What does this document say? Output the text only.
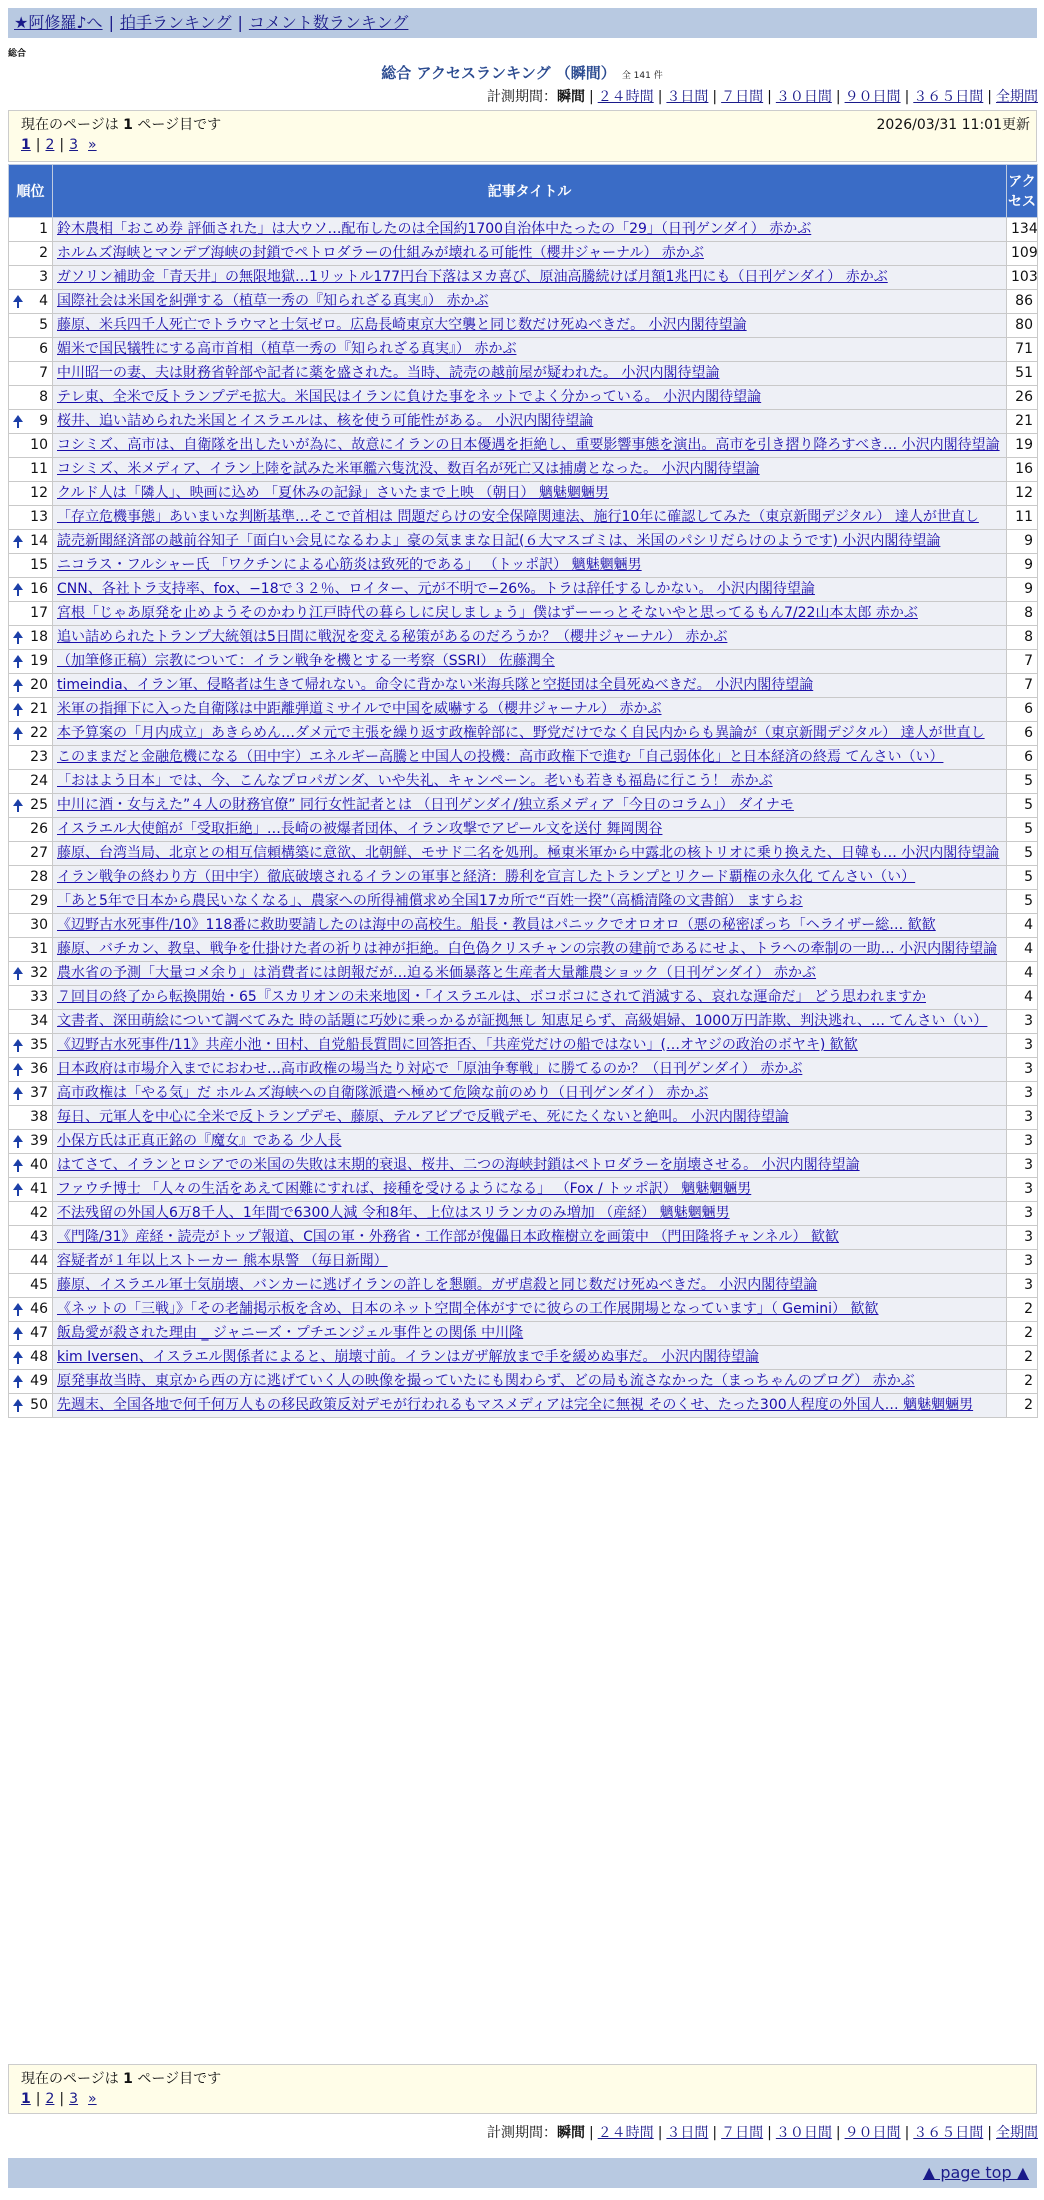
★阿修羅♪へ | 拍手ランキング | コメント数ランキング
総合
総合 アクセスランキング （瞬間） 全 141 件
計測期間：瞬間 | ２４時間 | ３日間 | ７日間 | ３０日間 | ９０日間 | ３６５日間 | 全期間
現在のページは 1 ページ目です	2026/03/31 11:01更新
1 | 2 | 3 »
順位	記事タイトル	アクセス
1	鈴木農相「おこめ券 評価された」は大ウソ…配布したのは全国約1700自治体中たったの「29」（日刊ゲンダイ） 赤かぶ	134
2	ホルムズ海峡とマンデブ海峡の封鎖でペトロダラーの仕組みが壊れる可能性（櫻井ジャーナル） 赤かぶ	109
3	ガソリン補助金「青天井」の無限地獄…1リットル177円台下落はヌカ喜び、原油高騰続けば月額1兆円にも（日刊ゲンダイ） 赤かぶ	103

4	国際社会は米国を糾弾する（植草一秀の『知られざる真実』） 赤かぶ	86
5	藤原、米兵四千人死亡でトラウマと士気ゼロ。広島長崎東京大空襲と同じ数だけ死ぬべきだ。 小沢内閣待望論	80
6	媚米で国民犠牲にする高市首相（植草一秀の『知られざる真実』） 赤かぶ	71
7	中川昭一の妻、夫は財務省幹部や記者に薬を盛された。当時、読売の越前屋が疑われた。 小沢内閣待望論	51
8	テレ東、全米で反トランプデモ拡大。米国民はイランに負けた事をネットでよく分かっている。 小沢内閣待望論	26

9	桜井、追い詰められた米国とイスラエルは、核を使う可能性がある。 小沢内閣待望論	21
10	コシミズ、高市は、自衛隊を出したいが為に、故意にイランの日本優遇を拒絶し、重要影響事態を演出。高市を引き摺り降ろすべき… 小沢内閣待望論	19
11	コシミズ、米メディア、イラン上陸を試みた米軍艦六隻沈没、数百名が死亡又は捕虜となった。 小沢内閣待望論	16
12	クルド人は「隣人」、映画に込め 「夏休みの記録」さいたまで上映 （朝日） 魑魅魍魎男	12
13	「存立危機事態」あいまいな判断基準…そこで首相は 問題だらけの安全保障関連法、施行10年に確認してみた（東京新聞デジタル） 達人が世直し	11

14	読売新聞経済部の越前谷知子「面白い会見になるわよ」豪の気ままな日記(６大マスゴミは、米国のパシリだらけのようです) 小沢内閣待望論	9
15	ニコラス・フルシャー氏 「ワクチンによる心筋炎は致死的である」 （トッポ訳） 魑魅魍魎男	9

16	CNN、各社トラ支持率、fox、−18で３２％、ロイター、元が不明で−26%。トラは辞任するしかない。 小沢内閣待望論	9
17	宮根「じゃあ原発を止めようそのかわり江戸時代の暮らしに戻しましょう」僕はずーーっとそないやと思ってるもん7/22山本太郎 赤かぶ	8

18	追い詰められたトランプ大統領は5日間に戦況を変える秘策があるのだろうか？（櫻井ジャーナル） 赤かぶ	8

19	（加筆修正稿）宗教について：イラン戦争を機とする一考察（SSRI） 佐藤潤全	7

20	timeindia、イラン軍、侵略者は生きて帰れない。命令に背かない米海兵隊と空挺団は全員死ぬべきだ。 小沢内閣待望論	7

21	米軍の指揮下に入った自衛隊は中距離弾道ミサイルで中国を威嚇する（櫻井ジャーナル） 赤かぶ	6

22	本予算案の「月内成立」あきらめん…ダメ元で主張を繰り返す政権幹部に、野党だけでなく自民内からも異論が（東京新聞デジタル） 達人が世直し	6
23	このままだと金融危機になる（田中宇）エネルギー高騰と中国人の投機：高市政権下で進む「自己弱体化」と日本経済の終焉 てんさい（い）	6
24	「おはよう日本」では、今、こんなプロパガンダ、いや失礼、キャンペーン。老いも若きも福島に行こう！ 赤かぶ	5

25	中川に酒・女与えた”４人の財務官僚” 同行女性記者とは （日刊ゲンダイ/独立系メディア「今日のコラム」） ダイナモ	5
26	イスラエル大使館が「受取拒絶」…長崎の被爆者団体、イラン攻撃でアピール文を送付 舞岡関谷	5
27	藤原、台湾当局、北京との相互信頼構築に意欲、北朝鮮、モサド二名を処刑。極東米軍から中露北の核トリオに乗り換えた、日韓も… 小沢内閣待望論	5
28	イラン戦争の終わり方（田中宇）徹底破壊されるイランの軍事と経済：勝利を宣言したトランプとリクード覇権の永久化 てんさい（い）	5
29	「あと5年で日本から農民いなくなる」、農家への所得補償求め全国17カ所で“百姓一揆”（高橋清隆の文書館） ますらお	5
30	《辺野古水死事件/10》118番に救助要請したのは海中の高校生。船長・教員はパニックでオロオロ（悪の秘密ぽっち「ヘライザー総… 歓歓	4
31	藤原、バチカン、教皇、戦争を仕掛けた者の祈りは神が拒絶。白色偽クリスチャンの宗教の建前であるにせよ、トラへの牽制の一助… 小沢内閣待望論	4

32	農水省の予測「大量コメ余り」は消費者には朗報だが…迫る米価暴落と生産者大量離農ショック（日刊ゲンダイ） 赤かぶ	4
33	７回目の終了から転換開始・65『スカリオンの未来地図・「イスラエルは、ボコボコにされて消滅する、哀れな運命だ」 どう思われますか	4
34	文書者、深田萌絵について調べてみた 時の話題に巧妙に乗っかるが証拠無し 知恵足らず、高級娼婦、1000万円詐欺、判決逃れ、… てんさい（い）	3

35	《辺野古水死事件/11》共産小池・田村、自党船長質問に回答拒否、「共産党だけの船ではない」(…オヤジの政治のボヤキ) 歓歓	3

36	日本政府は市場介入までにおわせ…高市政権の場当たり対応で「原油争奪戦」に勝てるのか？（日刊ゲンダイ） 赤かぶ	3

37	高市政権は「やる気」だ ホルムズ海峡への自衛隊派遣へ極めて危険な前のめり（日刊ゲンダイ） 赤かぶ	3
38	毎日、元軍人を中心に全米で反トランプデモ、藤原、テルアビブで反戦デモ、死にたくないと絶叫。 小沢内閣待望論	3

39	小保方氏は正真正銘の『魔女』である 少人長	3

40	はてさて、イランとロシアでの米国の失敗は末期的衰退、桜井、二つの海峡封鎖はペトロダラーを崩壊させる。 小沢内閣待望論	3

41	ファウチ博士 「人々の生活をあえて困難にすれば、接種を受けるようになる」 （Fox / トッポ訳） 魑魅魍魎男	3
42	不法残留の外国人6万8千人、1年間で6300人減 令和8年、上位はスリランカのみ増加 （産経） 魑魅魍魎男	3
43	《門隆/31》産経・読売がトップ報道、C国の軍・外務省・工作部が傀儡日本政権樹立を画策中 （門田隆将チャンネル） 歓歓	3
44	容疑者が１年以上ストーカー 熊本県警 （毎日新聞）	3
45	藤原、イスラエル軍士気崩壊、バンカーに逃げイランの許しを懇願。ガザ虐殺と同じ数だけ死ぬべきだ。 小沢内閣待望論	3

46	《ネットの「三戦」》「その老舗掲示板を含め、日本のネット空間全体がすでに彼らの工作展開場となっています」（ Gemini） 歓歓	2

47	飯島愛が殺された理由 _ ジャニーズ・プチエンジェル事件との関係 中川隆	2

48	kim Iversen、イスラエル関係者によると、崩壊寸前。イランはガザ解放まで手を緩めぬ事だ。 小沢内閣待望論	2

49	原発事故当時、東京から西の方に逃げていく人の映像を撮っていたにも関わらず、どの局も流さなかった（まっちゃんのブログ） 赤かぶ	2

50	先週末、全国各地で何千何万人もの移民政策反対デモが行われるもマスメディアは完全に無視 そのくせ、たった300人程度の外国人… 魑魅魍魎男	2
現在のページは 1 ページ目です
1 | 2 | 3 »
計測期間：瞬間 | ２４時間 | ３日間 | ７日間 | ３０日間 | ９０日間 | ３６５日間 | 全期間
▲ page top ▲
